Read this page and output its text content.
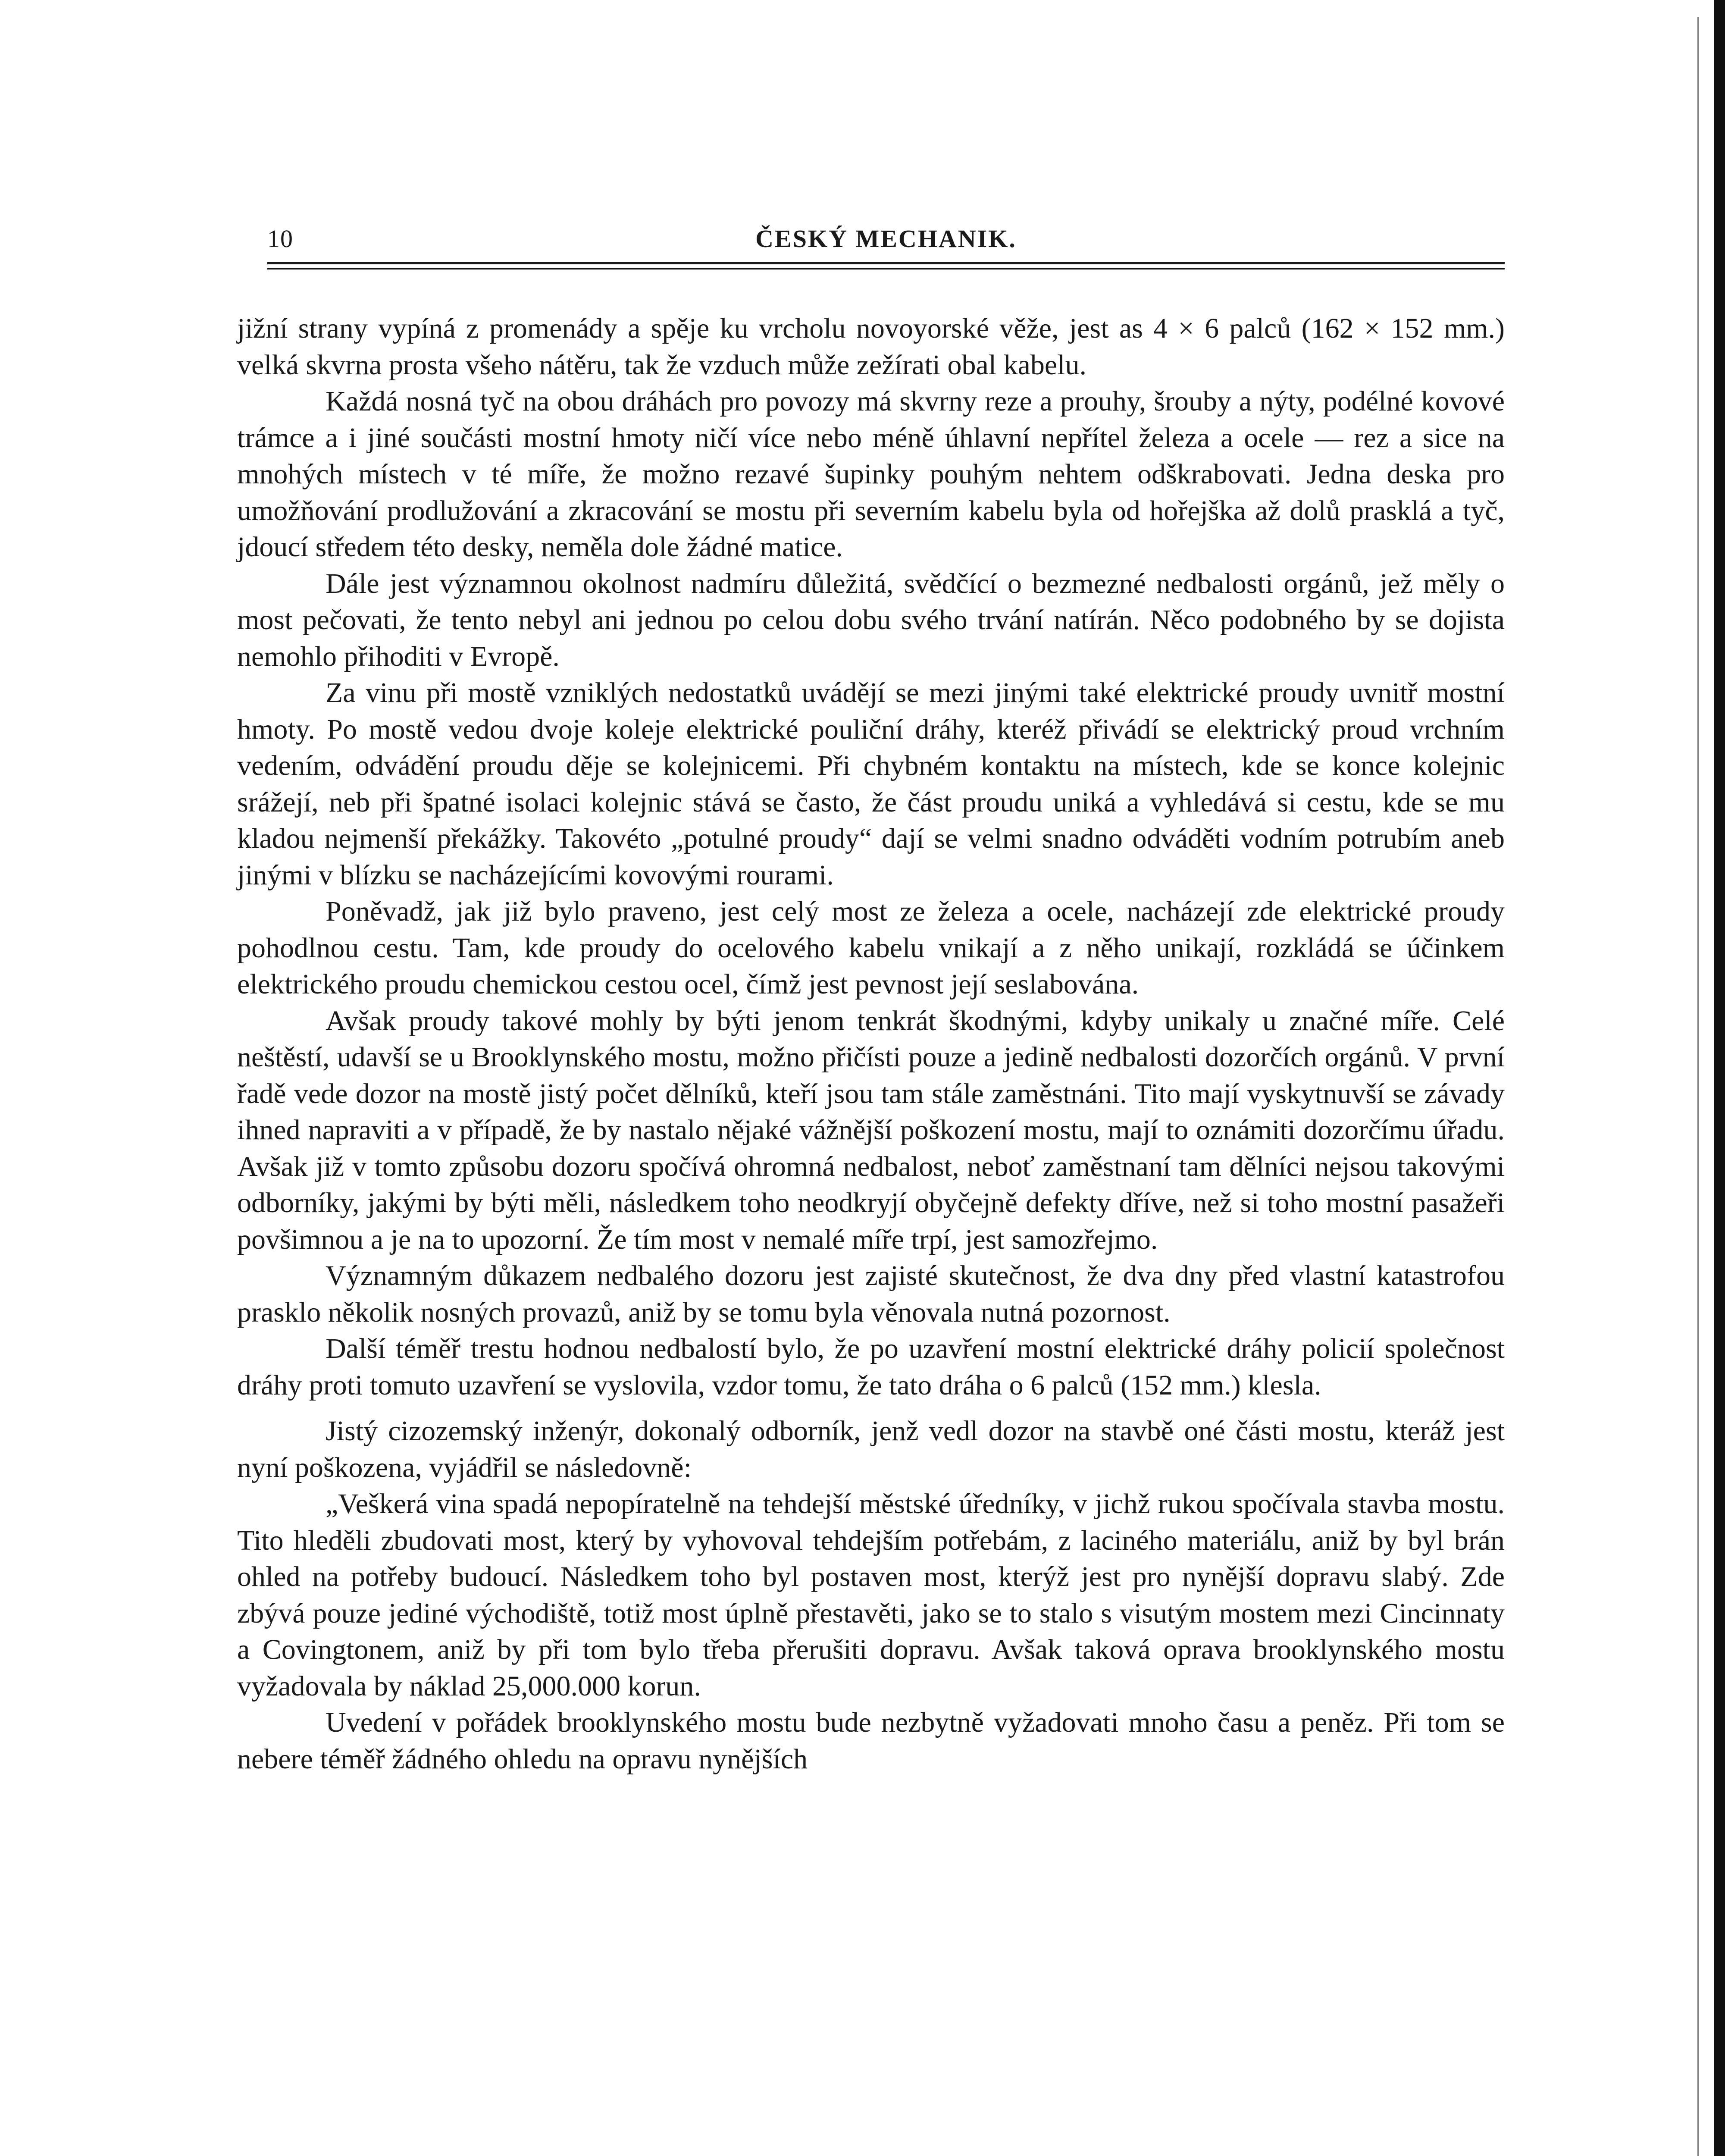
10	ČESKÝ MECHANIK.

jižní strany vypíná z promenády a spěje ku vrcholu novoyorské věže, jest as 4 × 6 palců (162 × 152 mm.) velká skvrna prosta všeho nátěru, tak že vzduch může zežírati obal kabelu.

Každá nosná tyč na obou dráhách pro povozy má skvrny reze a prouhy, šrouby a nýty, podélné kovové trámce a i jiné součásti mostní hmoty ničí více nebo méně úhlavní nepřítel železa a ocele — rez a sice na mnohých místech v té míře, že možno rezavé šupinky pouhým nehtem odškrabovati. Jedna deska pro umožňování prodlužování a zkracování se mostu při severním kabelu byla od hořejška až dolů prasklá a tyč, jdoucí středem této desky, neměla dole žádné matice.

Dále jest významnou okolnost nadmíru důležitá, svědčící o bezmezné nedbalosti orgánů, jež měly o most pečovati, že tento nebyl ani jednou po celou dobu svého trvání natírán. Něco podobného by se dojista nemohlo přihoditi v Evropě.

Za vinu při mostě vzniklých nedostatků uvádějí se mezi jinými také elektrické proudy uvnitř mostní hmoty. Po mostě vedou dvoje koleje elektrické pouliční dráhy, kteréž přivádí se elektrický proud vrchním vedením, odvádění proudu děje se kolejnicemi. Při chybném kontaktu na místech, kde se konce kolejnic srážejí, neb při špatné isolaci kolejnic stává se často, že část proudu uniká a vyhledává si cestu, kde se mu kladou nejmenší překážky. Takovéto „potulné proudy“ dají se velmi snadno odváděti vodním potrubím aneb jinými v blízku se nacházejícími kovovými rourami.

Poněvadž, jak již bylo praveno, jest celý most ze železa a ocele, nacházejí zde elektrické proudy pohodlnou cestu. Tam, kde proudy do ocelového kabelu vnikají a z něho unikají, rozkládá se účinkem elektrického proudu chemickou cestou ocel, čímž jest pevnost její seslabována.

Avšak proudy takové mohly by býti jenom tenkrát škodnými, kdyby unikaly u značné míře. Celé neštěstí, udavší se u Brooklynského mostu, možno přičísti pouze a jedině nedbalosti dozorčích orgánů. V první řadě vede dozor na mostě jistý počet dělníků, kteří jsou tam stále zaměstnáni. Tito mají vyskytnuvší se závady ihned napraviti a v případě, že by nastalo nějaké vážnější poškození mostu, mají to oznámiti dozorčímu úřadu. Avšak již v tomto způsobu dozoru spočívá ohromná nedbalost, neboť zaměstnaní tam dělníci nejsou takovými odborníky, jakými by býti měli, následkem toho neodkryjí obyčejně defekty dříve, než si toho mostní pasažeři povšimnou a je na to upozorní. Že tím most v nemalé míře trpí, jest samozřejmo.

Významným důkazem nedbalého dozoru jest zajisté skutečnost, že dva dny před vlastní katastrofou prasklo několik nosných provazů, aniž by se tomu byla věnovala nutná pozornost.

Další téměř trestu hodnou nedbalostí bylo, že po uzavření mostní elektrické dráhy policií společnost dráhy proti tomuto uzavření se vyslovila, vzdor tomu, že tato dráha o 6 palců (152 mm.) klesla.

Jistý cizozemský inženýr, dokonalý odborník, jenž vedl dozor na stavbě oné části mostu, kteráž jest nyní poškozena, vyjádřil se následovně:

„Veškerá vina spadá nepopíratelně na tehdejší městské úředníky, v jichž rukou spočívala stavba mostu. Tito hleděli zbudovati most, který by vyhovoval tehdejším potřebám, z laciného materiálu, aniž by byl brán ohled na potřeby budoucí. Následkem toho byl postaven most, kterýž jest pro nynější dopravu slabý. Zde zbývá pouze jediné východiště, totiž most úplně přestavěti, jako se to stalo s visutým mostem mezi Cincinnaty a Covingtonem, aniž by při tom bylo třeba přerušiti dopravu. Avšak taková oprava brooklynského mostu vyžadovala by náklad 25,000.000 korun.

Uvedení v pořádek brooklynského mostu bude nezbytně vyžadovati mnoho času a peněz. Při tom se nebere téměř žádného ohledu na opravu nynějších
